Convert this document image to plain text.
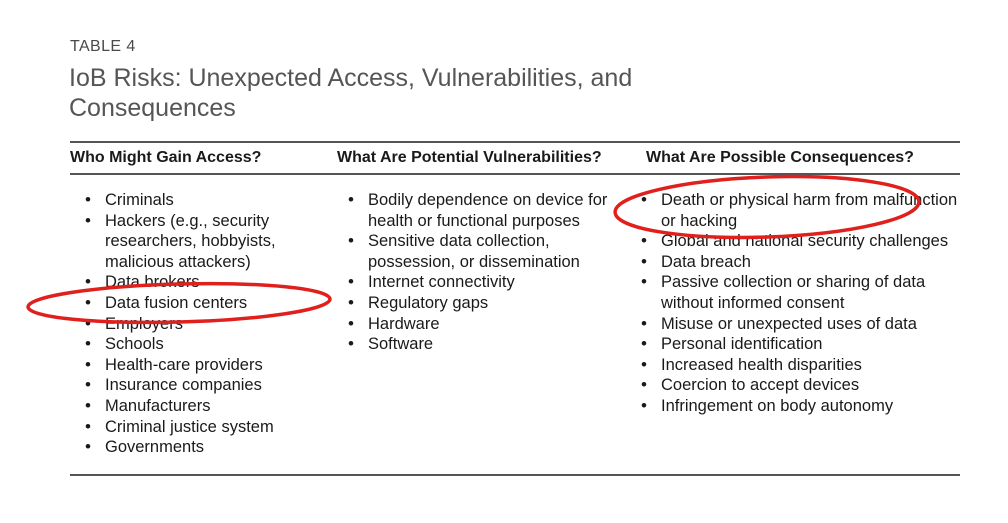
TABLE 4
IoB Risks: Unexpected Access, Vulnerabilities, and Consequences
Who Might Gain Access?	What Are Potential Vulnerabilities?	What Are Possible Consequences?
• Criminals
• Hackers (e.g., security researchers, hobbyists, malicious attackers)
• Data brokers
• Data fusion centers
• Employers
• Schools
• Health-care providers
• Insurance companies
• Manufacturers
• Criminal justice system
• Governments
• Bodily dependence on device for health or functional purposes
• Sensitive data collection, possession, or dissemination
• Internet connectivity
• Regulatory gaps
• Hardware
• Software
• Death or physical harm from malfunction or hacking
• Global and national security challenges
• Data breach
• Passive collection or sharing of data without informed consent
• Misuse or unexpected uses of data
• Personal identification
• Increased health disparities
• Coercion to accept devices
• Infringement on body autonomy
